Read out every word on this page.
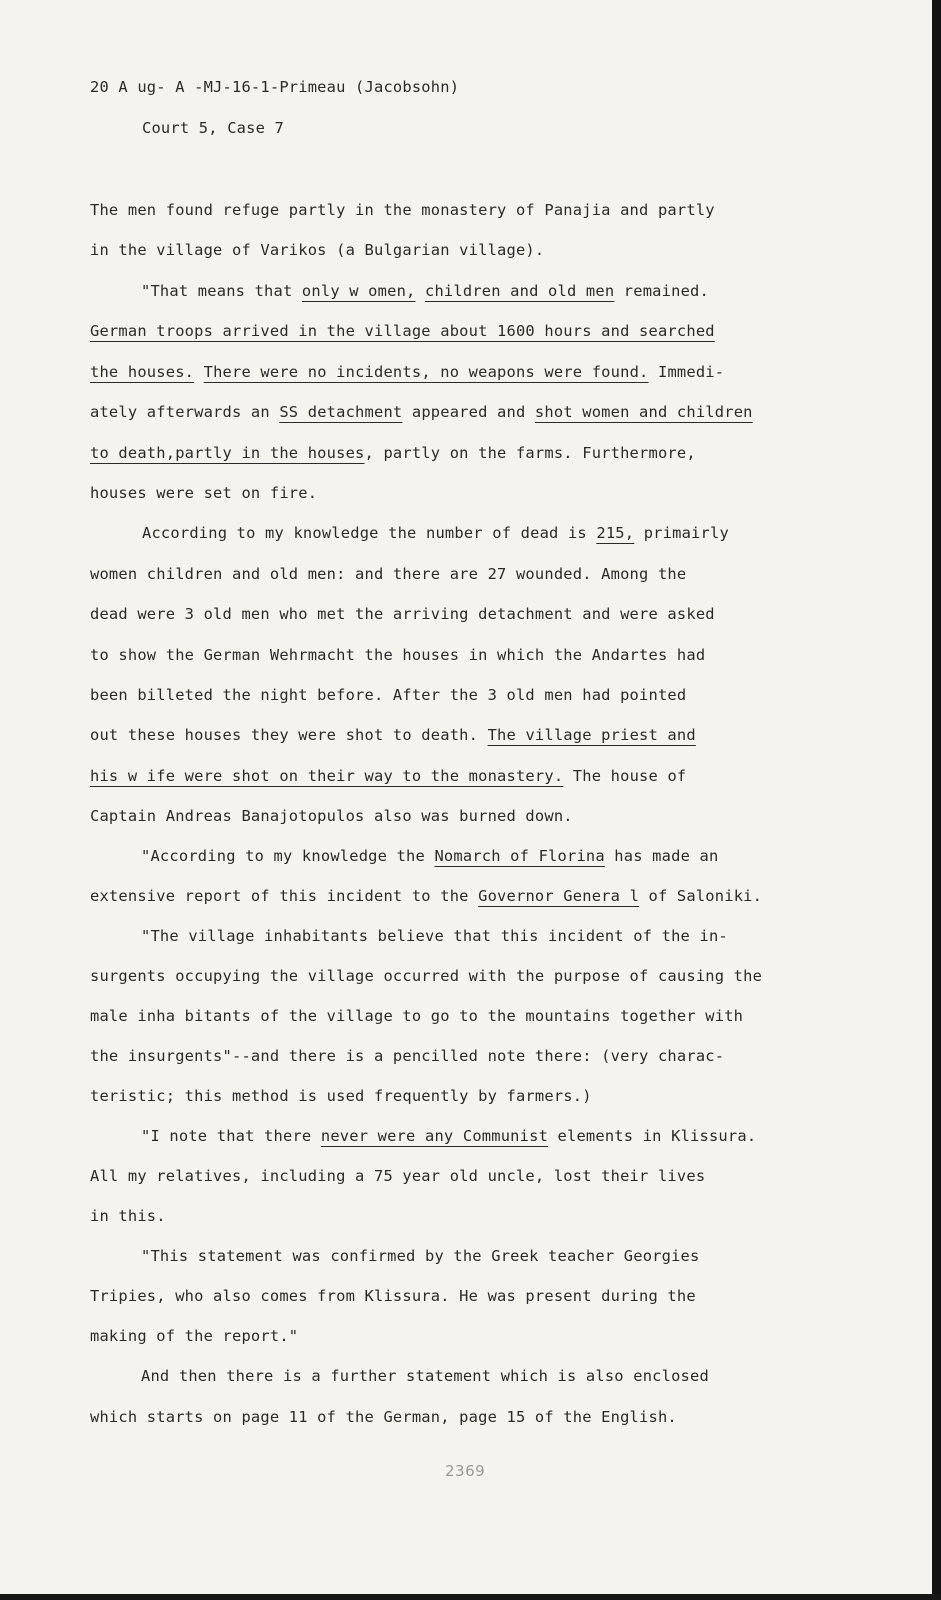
20 A ug- A -MJ-16-1-Primeau (Jacobsohn)
Court 5, Case 7
The men found refuge partly in the monastery of Panajia and partly
in the village of Varikos (a Bulgarian village).
"That means that only w omen, children and old men remained.
German troops arrived in the village about 1600 hours and searched
the houses. There were no incidents, no weapons were found. Immedi-
ately afterwards an SS detachment appeared and shot women and children
to death,partly in the houses, partly on the farms. Furthermore,
houses were set on fire.
According to my knowledge the number of dead is 215, primairly
women children and old men: and there are 27 wounded. Among the
dead were 3 old men who met the arriving detachment and were asked
to show the German Wehrmacht the houses in which the Andartes had
been billeted the night before. After the 3 old men had pointed
out these houses they were shot to death. The village priest and
his w ife were shot on their way to the monastery. The house of
Captain Andreas Banajotopulos also was burned down.
"According to my knowledge the Nomarch of Florina has made an
extensive report of this incident to the Governor Genera l of Saloniki.
"The village inhabitants believe that this incident of the in-
surgents occupying the village occurred with the purpose of causing the
male inha bitants of the village to go to the mountains together with
the insurgents"--and there is a pencilled note there: (very charac-
teristic; this method is used frequently by farmers.)
"I note that there never were any Communist elements in Klissura.
All my relatives, including a 75 year old uncle, lost their lives
in this.
"This statement was confirmed by the Greek teacher Georgies
Tripies, who also comes from Klissura. He was present during the
making of the report."
And then there is a further statement which is also enclosed
which starts on page 11 of the German, page 15 of the English.
2369
